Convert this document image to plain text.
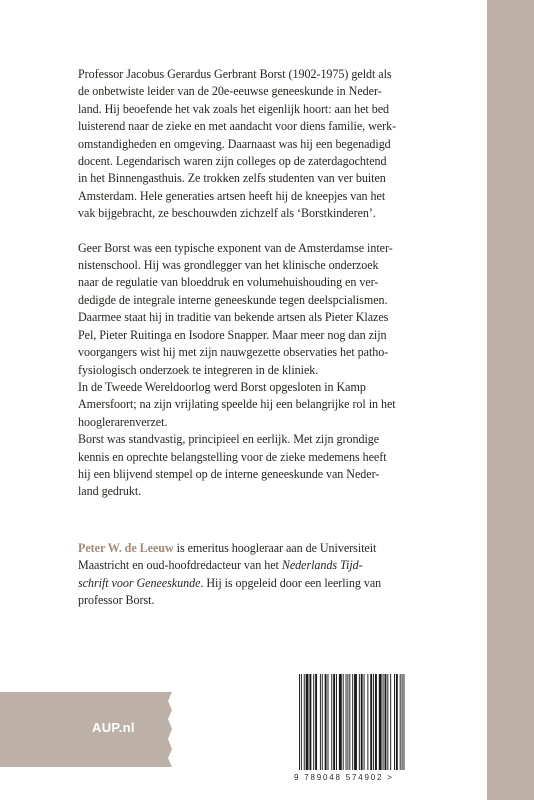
Professor Jacobus Gerardus Gerbrant Borst (1902-1975) geldt als

de onbetwiste leider van de 20e-eeuwse geneeskunde in Neder-

land. Hij beoefende het vak zoals het eigenlijk hoort: aan het bed

luisterend naar de zieke en met aandacht voor diens familie, werk-

omstandigheden en omgeving. Daarnaast was hij een begenadigd

docent. Legendarisch waren zijn colleges op de zaterdagochtend

in het Binnengasthuis. Ze trokken zelfs studenten van ver buiten

Amsterdam. Hele generaties artsen heeft hij de kneepjes van het

vak bijgebracht, ze beschouwden zichzelf als ‘Borstkinderen’.

Geer Borst was een typische exponent van de Amsterdamse inter-

nistenschool. Hij was grondlegger van het klinische onderzoek

naar de regulatie van bloeddruk en volumehuishouding en ver-

dedigde de integrale interne geneeskunde tegen deelspcialismen.

Daarmee staat hij in traditie van bekende artsen als Pieter Klazes

Pel, Pieter Ruitinga en Isodore Snapper. Maar meer nog dan zijn

voorgangers wist hij met zijn nauwgezette observaties het patho-

fysiologisch onderzoek te integreren in de kliniek.

In de Tweede Wereldoorlog werd Borst opgesloten in Kamp

Amersfoort; na zijn vrijlating speelde hij een belangrijke rol in het

hooglerarenverzet.

Borst was standvastig, principieel en eerlijk. Met zijn grondige

kennis en oprechte belangstelling voor de zieke medemens heeft

hij een blijvend stempel op de interne geneeskunde van Neder-

land gedrukt.

Peter W. de Leeuw is emeritus hoogleraar aan de Universiteit

Maastricht en oud-hoofdredacteur van het Nederlands Tijd-

schrift voor Geneeskunde. Hij is opgeleid door een leerling van

professor Borst.

AUP.nl
9 789048 574902 >
